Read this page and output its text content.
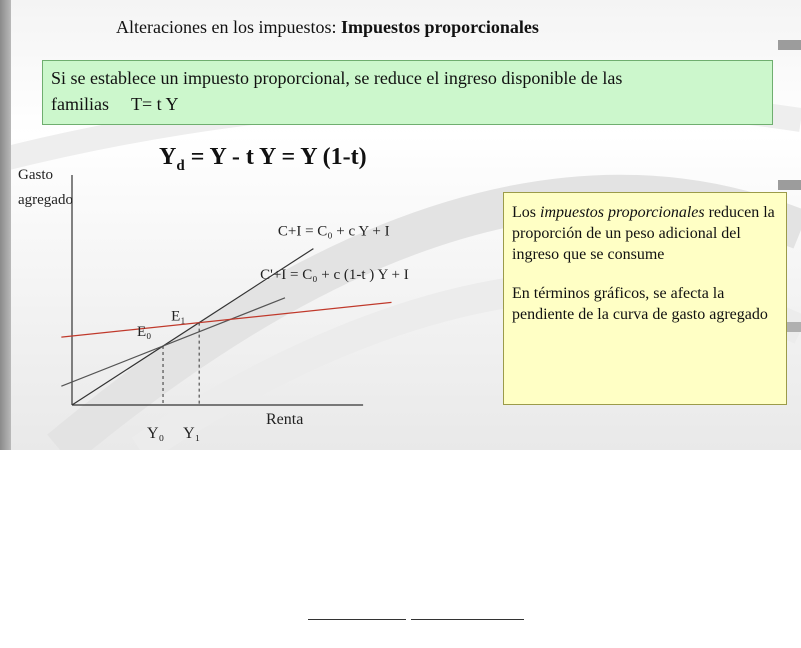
Alteraciones en los impuestos: Impuestos proporcionales
Si se establece un impuesto proporcional, se reduce el ingreso disponible de las
familias T= t Y
$Y_d = Y - t$ Y = Y (1-t)
E₀
Y₀
E₁
Y₁
C+I = C₀ + c Y + I
C'+I = C₀ + c (1-t ) Y + I
Gasto
agregado
Renta

Los impuestos proporcionales reducen la proporción de un peso adicional del ingreso que se consume

En términos gráficos, se afecta la pendiente de la curva de gasto agregado
